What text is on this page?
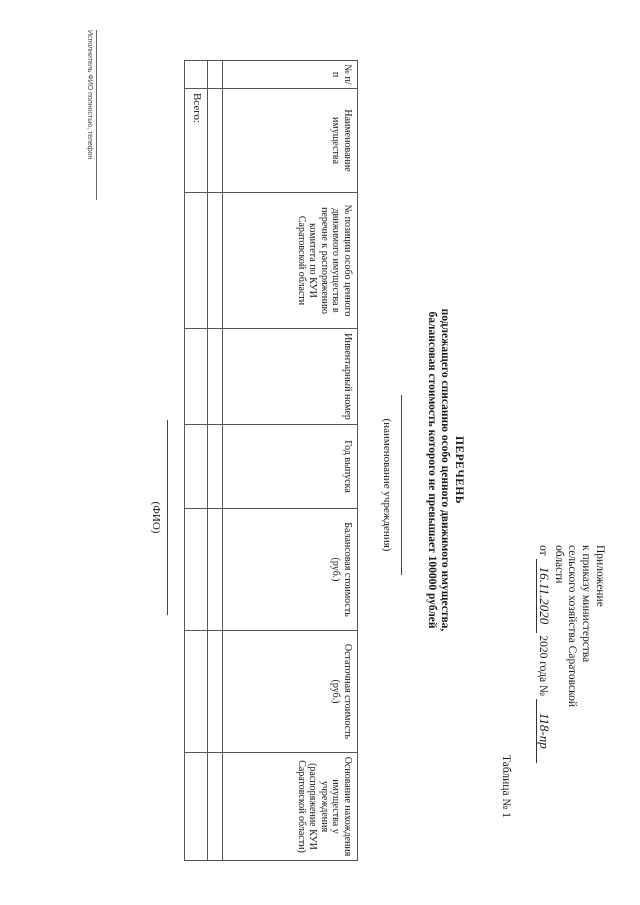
Приложение
к приказу министерства
сельского хозяйства Саратовской
области
от 16.11.2020 2020 года № 118-пр
Таблица № 1
ПЕРЕЧЕНЬ
подлежащего списанию особо ценного движимого имущества,
балансовая стоимость которого не превышает 100000 рублей
(наименование учреждения)
№ п/п	Наименование имущества	№ позиции особо ценного движимого имущества в перечне к распоряжению комитета по КУИ Саратовской области	Инвентарный номер	Год выпуска	Балансовая стоимость (руб.)	Остаточная стоимость (руб.)	Основание нахождения имущества у учреждения (распоряжение КУИ Саратовской области)

	Всего:						
(ФИО)
Исполнитель ФИО полностью, телефон
